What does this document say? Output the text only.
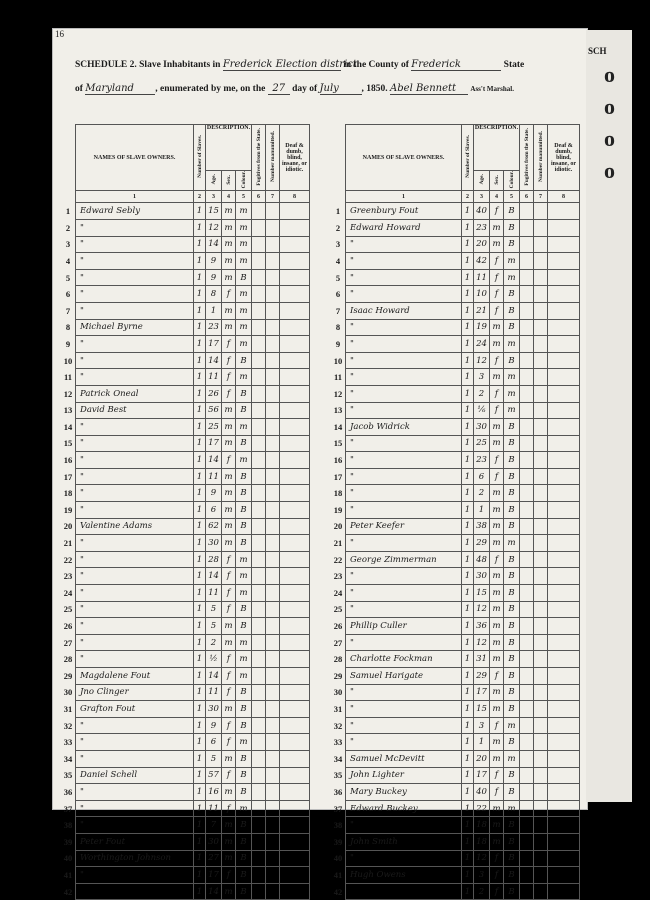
16
SCHEDULE 2. Slave Inhabitants in Frederick Election district in the County of Frederick	State
of Maryland , enumerated by me, on the 27 day of July , 1850. Abel Bennett Ass't Marshal.
	NAMES OF SLAVE OWNERS.	Number of Slaves.	DESCRIPTION.			Fugitives from the State.	Number manumitted.	Deaf & dumb, blind, insane, or idiotic.
			Age.	Sex.	Colour.			
	1	2	3	4	5	6	7	8
1	Edward Sebly	1	15	m	m			
2	"	1	12	m	m			
3	"	1	14	m	m			
4	"	1	9	m	m			
5	"	1	9	m	B			
6	"	1	8	f	m			
7	"	1	1	m	m			
8	Michael Byrne	1	23	m	m			
9	"	1	17	f	m			
10	"	1	14	f	B			
11	"	1	11	f	m			
12	Patrick Oneal	1	26	f	B			
13	David Best	1	56	m	B			
14	"	1	25	m	m			
15	"	1	17	m	B			
16	"	1	14	f	m			
17	"	1	11	m	B			
18	"	1	9	m	B			
19	"	1	6	m	B			
20	Valentine Adams	1	62	m	B			
21	"	1	30	m	B			
22	"	1	28	f	m			
23	"	1	14	f	m			
24	"	1	11	f	m			
25	"	1	5	f	B			
26	"	1	5	m	B			
27	"	1	2	m	m			
28	"	1	½	f	m			
29	Magdalene Fout	1	14	f	m			
30	Jno Clinger	1	11	f	B			
31	Grafton Fout	1	30	m	B			
32	"	1	9	f	B			
33	"	1	6	f	m			
34	"	1	5	m	B			
35	Daniel Schell	1	57	f	B			
36	"	1	16	m	B			
37	"	1	11	f	m			
38	"	1	7	m	B			
39	Peter Fout	1	30	m	B			
40	Worthington Johnson	1	27	m	B			
41	"	1	17	f	B			
42		1	14	m	B			
	NAMES OF SLAVE OWNERS.	Number of Slaves.	DESCRIPTION.			Fugitives from the State.	Number manumitted.	Deaf & dumb, blind, insane, or idiotic.
			Age.	Sex.	Colour.			
	1	2	3	4	5	6	7	8
1	Greenbury Fout	1	40	f	B			
2	Edward Howard	1	23	m	B			
3	"	1	20	m	B			
4	"	1	42	f	m			
5	"	1	11	f	m			
6	"	1	10	f	B			
7	Isaac Howard	1	21	f	B			
8	"	1	19	m	B			
9	"	1	24	m	m			
10	"	1	12	f	B			
11	"	1	3	m	m			
12	"	1	2	f	m			
13	"	1	⅙	f	m			
14	Jacob Widrick	1	30	m	B			
15	"	1	25	m	B			
16	"	1	23	f	B			
17	"	1	6	f	B			
18	"	1	2	m	B			
19	"	1	1	m	B			
20	Peter Keefer	1	38	m	B			
21	"	1	29	m	m			
22	George Zimmerman	1	48	f	B			
23	"	1	30	m	B			
24	"	1	15	m	B			
25	"	1	12	m	B			
26	Phillip Culler	1	36	m	B			
27	"	1	12	m	B			
28	Charlotte Fockman	1	31	m	B			
29	Samuel Harigate	1	29	f	B			
30	"	1	17	m	B			
31	"	1	15	m	B			
32	"	1	3	f	m			
33	"	1	1	m	B			
34	Samuel McDevitt	1	20	m	m			
35	John Lighter	1	17	f	B			
36	Mary Buckey	1	40	f	B			
37	Edward Buckey	1	22	m	m			
38	"	1	18	m	B			
39	John Smith	1	18	m	B			
40	"	1	12	f	B			
41	Hugh Owens	1	3	f	B			
42		1	2	f	B			
SCH
o
o
o
o
